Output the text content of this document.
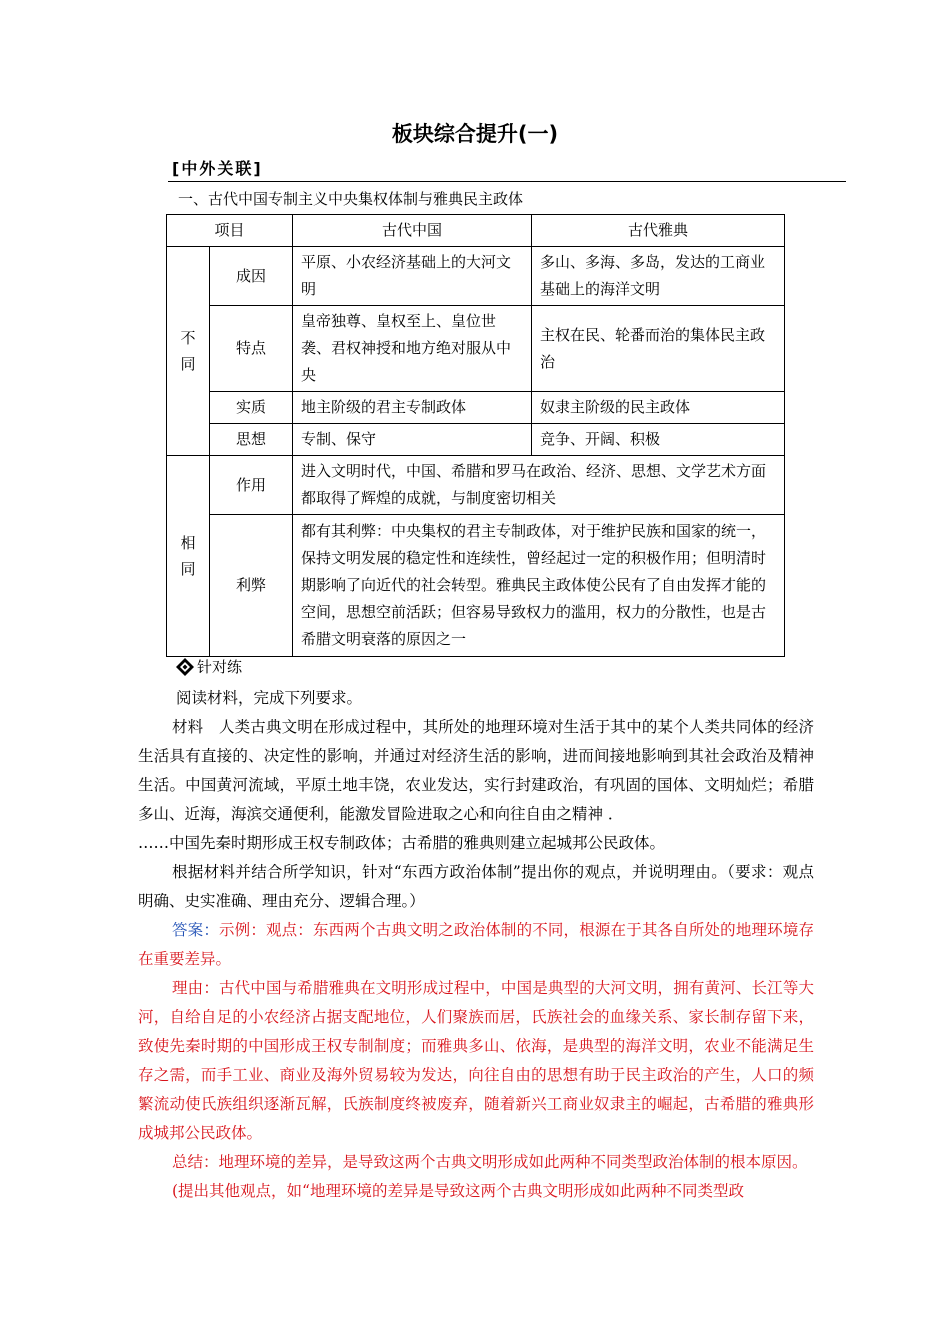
板块综合提升(一)
[中外关联]
一、古代中国专制主义中央集权体制与雅典民主政体
项目		古代中国	古代雅典
不同	成因	平原、小农经济基础上的大河文明	多山、多海、多岛，发达的工商业基础上的海洋文明
	特点	皇帝独尊、皇权至上、皇位世袭、君权神授和地方绝对服从中央	主权在民、轮番而治的集体民主政治
	实质	地主阶级的君主专制政体	奴隶主阶级的民主政体
	思想	专制、保守	竞争、开阔、积极
相同	作用	进入文明时代，中国、希腊和罗马在政治、经济、思想、文学艺术方面都取得了辉煌的成就，与制度密切相关	
	利弊	都有其利弊：中央集权的君主专制政体，对于维护民族和国家的统一，保持文明发展的稳定性和连续性，曾经起过一定的积极作用；但明清时期影响了向近代的社会转型。雅典民主政体使公民有了自由发挥才能的空间，思想空前活跃；但容易导致权力的滥用，权力的分散性，也是古希腊文明衰落的原因之一	
针对练

阅读材料，完成下列要求。

材料　人类古典文明在形成过程中，其所处的地理环境对生活于其中的某个人类共同体的经济生活具有直接的、决定性的影响，并通过对经济生活的影响，进而间接地影响到其社会政治及精神生活。中国黄河流域，平原土地丰饶，农业发达，实行封建政治，有巩固的国体、文明灿烂；希腊多山、近海，海滨交通便利，能激发冒险进取之心和向往自由之精神 ．

……中国先秦时期形成王权专制政体；古希腊的雅典则建立起城邦公民政体。

根据材料并结合所学知识，针对“东西方政治体制”提出你的观点，并说明理由。（要求：观点明确、史实准确、理由充分、逻辑合理。）

答案：示例：观点：东西两个古典文明之政治体制的不同，根源在于其各自所处的地理环境存在重要差异。

理由：古代中国与希腊雅典在文明形成过程中，中国是典型的大河文明，拥有黄河、长江等大河，自给自足的小农经济占据支配地位，人们聚族而居，氏族社会的血缘关系、家长制存留下来，致使先秦时期的中国形成王权专制制度；而雅典多山、依海，是典型的海洋文明，农业不能满足生存之需，而手工业、商业及海外贸易较为发达，向往自由的思想有助于民主政治的产生，人口的频繁流动使氏族组织逐渐瓦解，氏族制度终被废弃，随着新兴工商业奴隶主的崛起，古希腊的雅典形成城邦公民政体。

总结：地理环境的差异，是导致这两个古典文明形成如此两种不同类型政治体制的根本原因。

(提出其他观点，如“地理环境的差异是导致这两个古典文明形成如此两种不同类型政
